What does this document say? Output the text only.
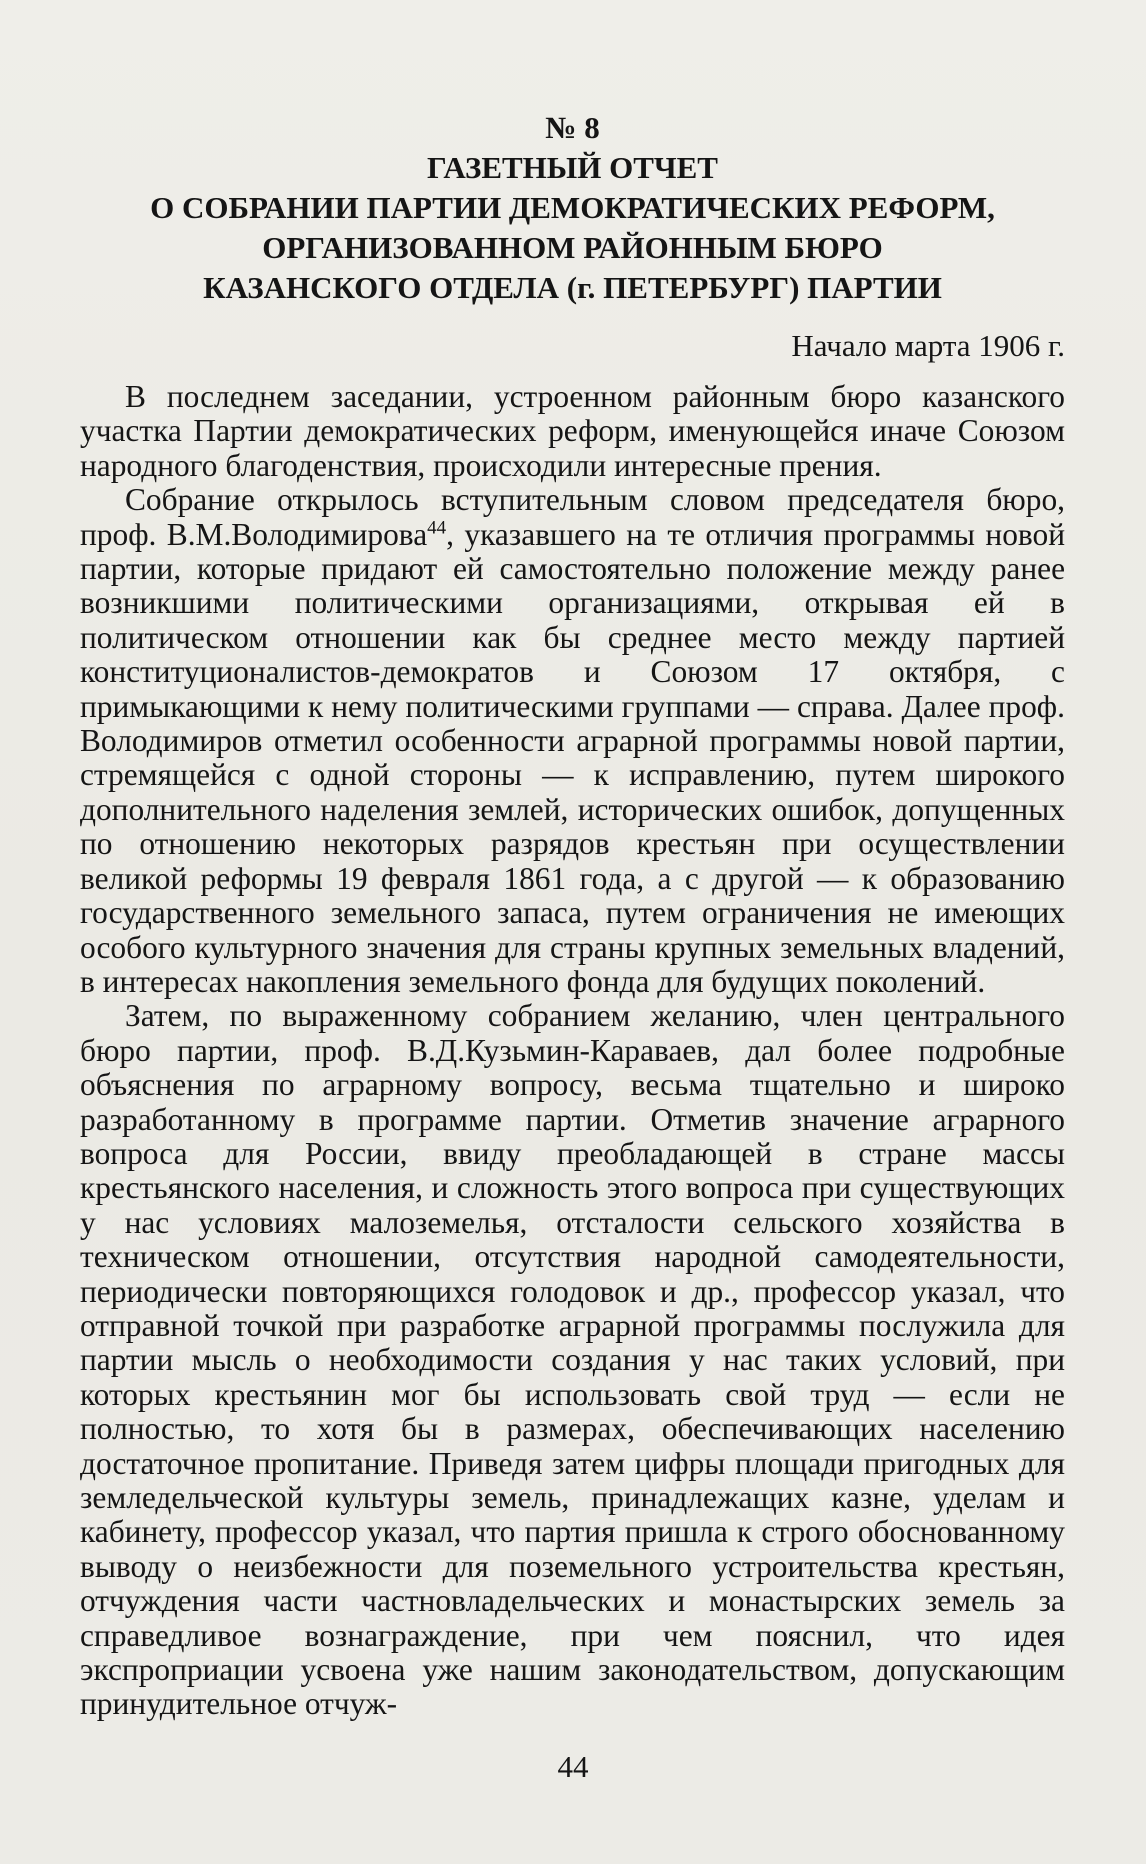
№ 8
ГАЗЕТНЫЙ ОТЧЕТ
О СОБРАНИИ ПАРТИИ ДЕМОКРАТИЧЕСКИХ РЕФОРМ,
ОРГАНИЗОВАННОМ РАЙОННЫМ БЮРО
КАЗАНСКОГО ОТДЕЛА (г. ПЕТЕРБУРГ) ПАРТИИ
Начало марта 1906 г.

В последнем заседании, устроенном районным бюро казанского участка Партии демократических реформ, именующейся иначе Союзом народного благоденствия, происходили интересные прения.

Собрание открылось вступительным словом председателя бюро, проф. В.М.Володимирова$^{44}$, указавшего на те отличия программы новой партии, которые придают ей самостоятельно положение между ранее возникшими политическими организациями, открывая ей в политическом отношении как бы среднее место между партией конституционалистов-демократов и Союзом 17 октября, с примыкающими к нему политическими группами — справа. Далее проф. Володимиров отметил особенности аграрной программы новой партии, стремящейся с одной стороны — к исправлению, путем широкого дополнительного наделения землей, исторических ошибок, допущенных по отношению некоторых разрядов крестьян при осуществлении великой реформы 19 февраля 1861 года, а с другой — к образованию государственного земельного запаса, путем ограничения не имеющих особого культурного значения для страны крупных земельных владений, в интересах накопления земельного фонда для будущих поколений.

Затем, по выраженному собранием желанию, член центрального бюро партии, проф. В.Д.Кузьмин-Караваев, дал более подробные объяснения по аграрному вопросу, весьма тщательно и широко разработанному в программе партии. Отметив значение аграрного вопроса для России, ввиду преобладающей в стране массы крестьянского населения, и сложность этого вопроса при существующих у нас условиях малоземелья, отсталости сельского хозяйства в техническом отношении, отсутствия народной самодеятельности, периодически повторяющихся голодовок и др., профессор указал, что отправной точкой при разработке аграрной программы послужила для партии мысль о необходимости создания у нас таких условий, при которых крестьянин мог бы использовать свой труд — если не полностью, то хотя бы в размерах, обеспечивающих населению достаточное пропитание. Приведя затем цифры площади пригодных для земледельческой культуры земель, принадлежащих казне, уделам и кабинету, профессор указал, что партия пришла к строго обоснованному выводу о неизбежности для поземельного устроительства крестьян, отчуждения части частновладельческих и монастырских земель за справедливое вознаграждение, при чем пояснил, что идея экспроприации усвоена уже нашим законодательством, допускающим принудительное отчуж-

44
